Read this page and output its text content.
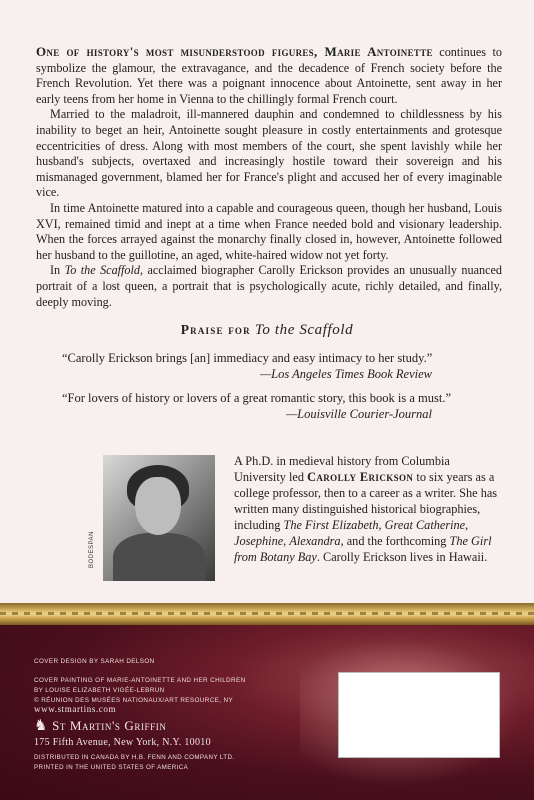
One of history's most misunderstood figures, Marie Antoinette continues to symbolize the glamour, the extravagance, and the decadence of French society before the French Revolution. Yet there was a poignant innocence about Antoinette, sent away in her early teens from her home in Vienna to the chillingly formal French court.

Married to the maladroit, ill-mannered dauphin and condemned to childlessness by his inability to beget an heir, Antoinette sought pleasure in costly entertainments and grotesque eccentricities of dress. Along with most members of the court, she spent lavishly while her husband's subjects, overtaxed and increasingly hostile toward their sovereign and his mismanaged government, blamed her for France's plight and accused her of every imaginable vice.

In time Antoinette matured into a capable and courageous queen, though her husband, Louis XVI, remained timid and inept at a time when France needed bold and visionary leadership. When the forces arrayed against the monarchy finally closed in, however, Antoinette followed her husband to the guillotine, an aged, white-haired widow not yet forty.

In To the Scaffold, acclaimed biographer Carolly Erickson provides an unusually nuanced portrait of a lost queen, a portrait that is psychologically acute, richly detailed, and finally, deeply moving.

Praise for To the Scaffold
“Carolly Erickson brings [an] immediacy and easy intimacy to her study.”
—Los Angeles Times Book Review
“For lovers of history or lovers of a great romantic story, this book is a must.”
—Louisville Courier-Journal
BODESPAN
A Ph.D. in medieval history from Columbia University led Carolly Erickson to six years as a college professor, then to a career as a writer. She has written many distinguished historical biographies, including The First Elizabeth, Great Catherine, Josephine, Alexandra, and the forthcoming The Girl from Botany Bay. Carolly Erickson lives in Hawaii.
COVER DESIGN BY SARAH DELSON
COVER PAINTING OF MARIE-ANTOINETTE AND HER CHILDREN
BY LOUISE ELIZABETH VIGÉE-LEBRUN
© RÉUNION DES MUSÉES NATIONAUX/ART RESOURCE, NY
www.stmartins.com
♞ St Martin's Griffin
175 Fifth Avenue, New York, N.Y. 10010
DISTRIBUTED IN CANADA BY H.B. FENN AND COMPANY LTD.
PRINTED IN THE UNITED STATES OF AMERICA
